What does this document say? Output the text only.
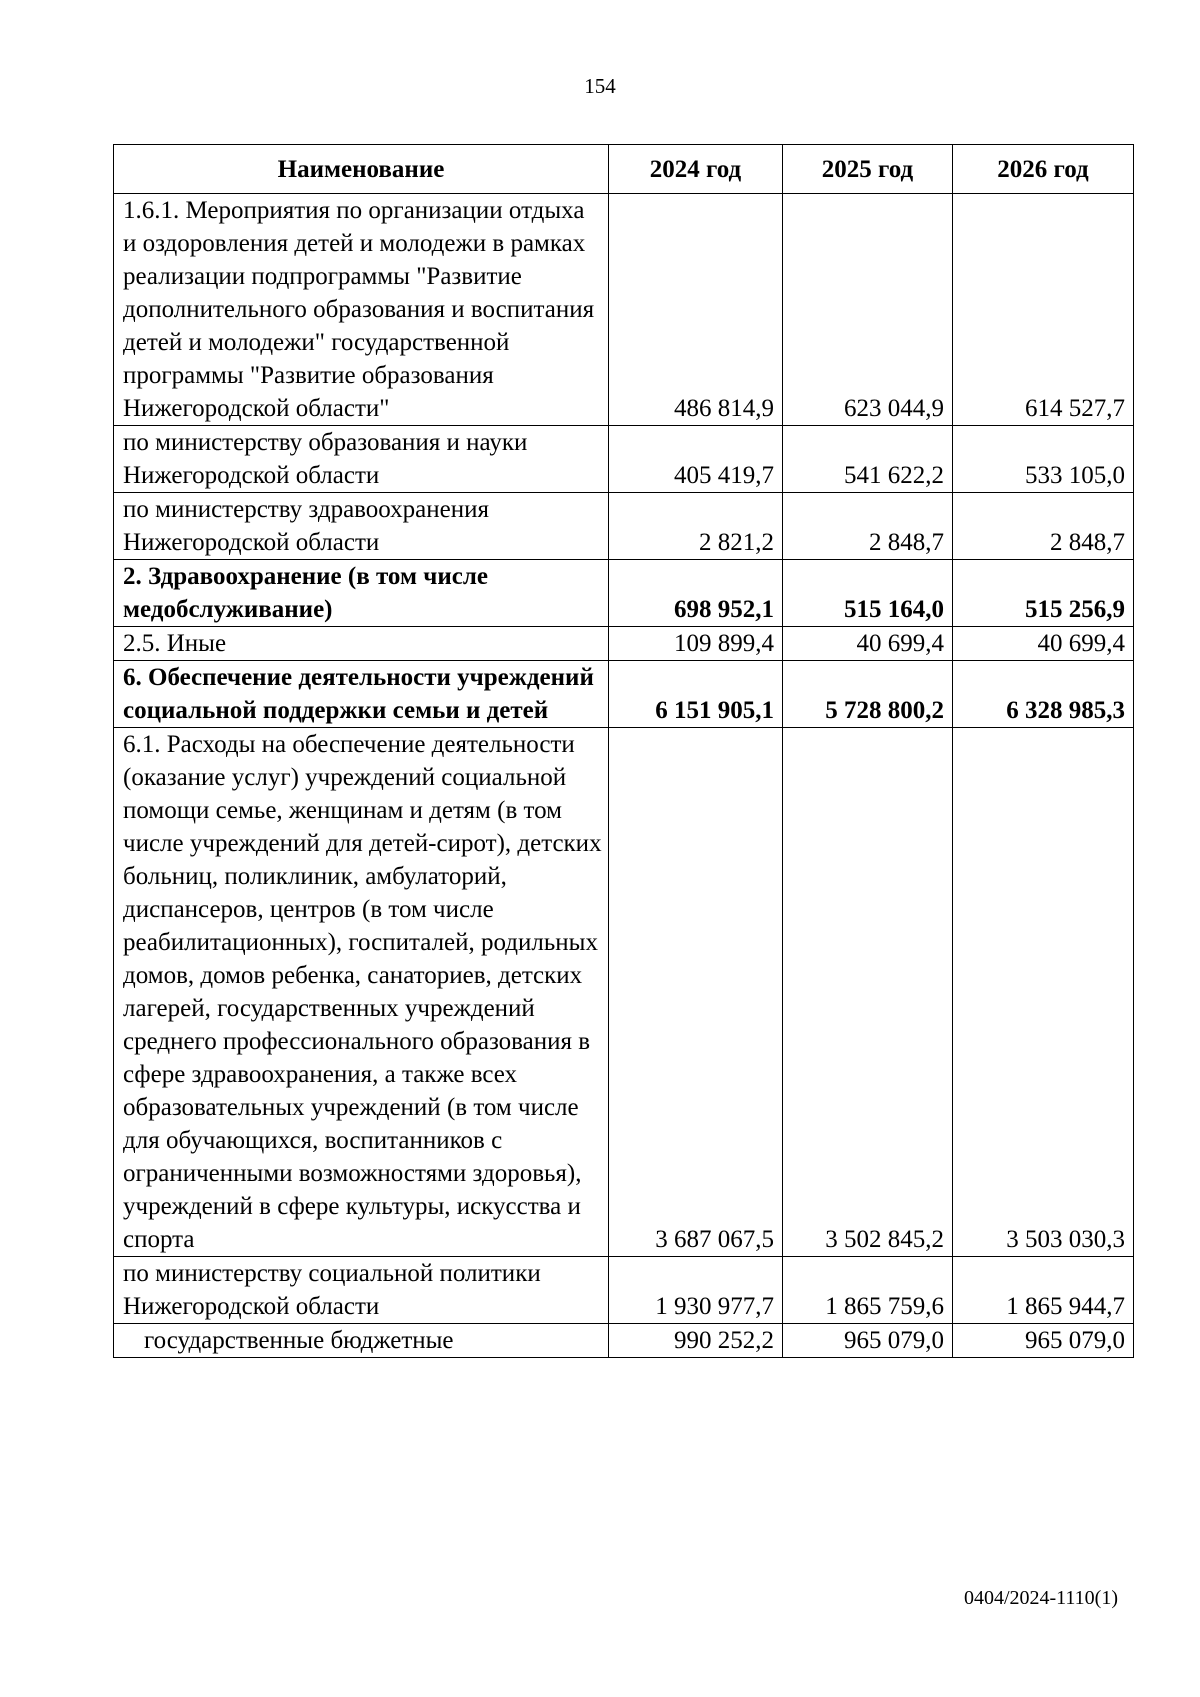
154
Наименование	2024 год	2025 год	2026 год
1.6.1. Мероприятия по организации отдыха и оздоровления детей и молодежи в рамках реализации подпрограммы "Развитие дополнительного образования и воспитания детей и молодежи" государственной программы "Развитие образования Нижегородской области"	486 814,9	623 044,9	614 527,7
по министерству образования и науки Нижегородской области	405 419,7	541 622,2	533 105,0
по министерству здравоохранения Нижегородской области	2 821,2	2 848,7	2 848,7
2. Здравоохранение (в том числе медобслуживание)	698 952,1	515 164,0	515 256,9
2.5. Иные	109 899,4	40 699,4	40 699,4
6. Обеспечение деятельности учреждений социальной поддержки семьи и детей	6 151 905,1	5 728 800,2	6 328 985,3
6.1. Расходы на обеспечение деятельности (оказание услуг) учреждений социальной помощи семье, женщинам и детям (в том числе учреждений для детей-сирот), детских больниц, поликлиник, амбулаторий, диспансеров, центров (в том числе реабилитационных), госпиталей, родильных домов, домов ребенка, санаториев, детских лагерей, государственных учреждений среднего профессионального образования в сфере здравоохранения, а также всех образовательных учреждений (в том числе для обучающихся, воспитанников с ограниченными возможностями здоровья), учреждений в сфере культуры, искусства и спорта	3 687 067,5	3 502 845,2	3 503 030,3
по министерству социальной политики Нижегородской области	1 930 977,7	1 865 759,6	1 865 944,7
государственные бюджетные	990 252,2	965 079,0	965 079,0
0404/2024-1110(1)
